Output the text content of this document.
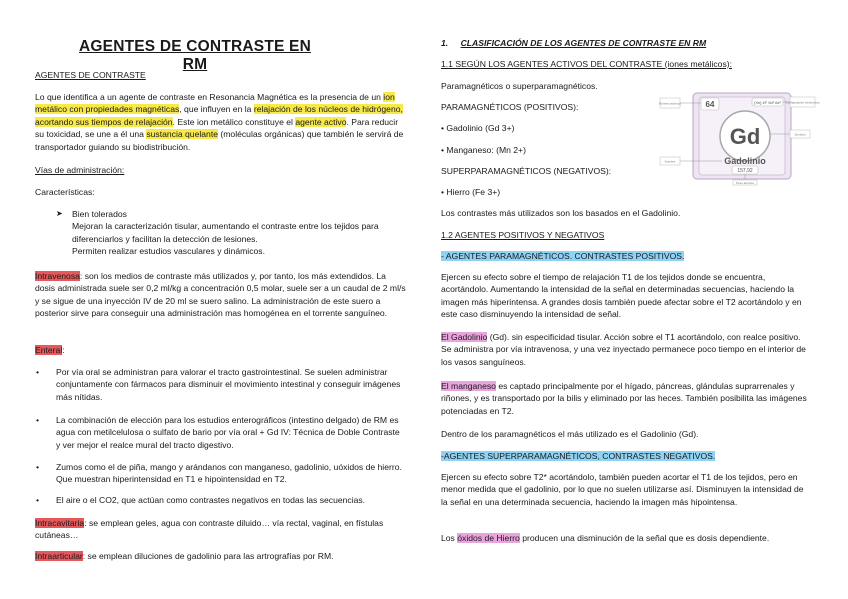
AGENTES DE CONTRASTE EN RM
AGENTES DE CONTRASTE
Lo que identifica a un agente de contraste en Resonancia Magnética es la presencia de un ion metálico con propiedades magnéticas, que influyen en la relajación de los núcleos de hidrógeno, acortando sus tiempos de relajación. Este ion metálico constituye el agente activo. Para reducir su toxicidad, se une a él una sustancia quelante (moléculas orgánicas) que también le servirá de transportador guiando su biodistribución.
Vías de administración:
Características:
➤ Bien tolerados
Mejoran la caracterización tisular, aumentando el contraste entre los tejidos para diferenciarlos y facilitan la detección de lesiones.
Permiten realizar estudios vasculares y dinámicos.
Intravenosa: son los medios de contraste más utilizados y, por tanto, los más extendidos. La dosis administrada suele ser 0,2 ml/kg a concentración 0,5 molar, suele ser a un caudal de 2 ml/s y se sigue de una inyección IV de 20 ml se suero salino. La administración de este suero a posterior sirve para conseguir una administración mas homogénea en el torrente sanguíneo.
Enteral:
• Por vía oral se administran para valorar el tracto gastrointestinal. Se suelen administrar conjuntamente con fármacos para disminuir el movimiento intestinal y conseguir imágenes más nítidas.
• La combinación de elección para los estudios enterográficos (intestino delgado) de RM es agua con metilcelulosa o sulfato de bario por vía oral + Gd IV: Técnica de Doble Contraste y ver mejor el realce mural del tracto digestivo.
• Zumos como el de piña, mango y arándanos con manganeso, gadolinio, uóxidos de hierro. Que muestran hiperintensidad en T1 e hipointensidad en T2.
• El aire o el CO2, que actúan como contrastes negativos en todas las secuencias.
Intracavitaria: se emplean geles, agua con contraste diluido… vía rectal, vaginal, en fístulas cutáneas…
Intraarticular: se emplean diluciones de gadolinio para las artrografías por RM.
1. CLASIFICACIÓN DE LOS AGENTES DE CONTRASTE EN RM
1.1 SEGÚN LOS AGENTES ACTIVOS DEL CONTRASTE (iones metálicos):
Paramagnéticos o superparamagnéticos.
PARAMAGNÉTICOS (POSITIVOS):
• Gadolinio (Gd 3+)
• Manganeso: (Mn 2+)
SUPERPARAMAGNÉTICOS (NEGATIVOS):
• Hierro (Fe 3+)
Los contrastes más utilizados son los basados en el Gadolinio.
1.2 AGENTES POSITIVOS Y NEGATIVOS
- AGENTES PARAMAGNÉTICOS. CONTRASTES POSITIVOS.
Ejercen su efecto sobre el tiempo de relajación T1 de los tejidos donde se encuentra, acortándolo. Aumentando la intensidad de la señal en determinadas secuencias, haciendo la imagen más hiperintensa. A grandes dosis también puede afectar sobre el T2 acortándolo y en este caso disminuyendo la intensidad de señal.
El Gadolinio (Gd). sin especificidad tisular. Acción sobre el T1 acortándolo, con realce positivo. Se administra por vía intravenosa, y una vez inyectado permanece poco tiempo en el interior de los vasos sanguíneos.
El manganeso es captado principalmente por el hígado, páncreas, glándulas suprarrenales y riñones, y es transportado por la bilis y eliminado por las heces. También posibilita las imágenes potenciadas en T2.
Dentro de los paramagnéticos el más utilizado es el Gadolinio (Gd).
-AGENTES SUPERPARAMAGNÉTICOS, CONTRASTES NEGATIVOS.
Ejercen su efecto sobre T2* acortándolo, también pueden acortar el T1 de los tejidos, pero en menor medida que el gadolinio, por lo que no suelen utilizarse así. Disminuyen la intensidad de la señal en una determinada secuencia, haciendo la imagen más hipointensa.
Los óxidos de Hierro producen una disminución de la señal que es dosis dependiente.
Gd
64	[Xe] 4f⁷ 5d¹ 6s²
Gadolinio
157,92
Número atómico	Configuración electrónica
Símbolo
Nombre
Peso atómico
